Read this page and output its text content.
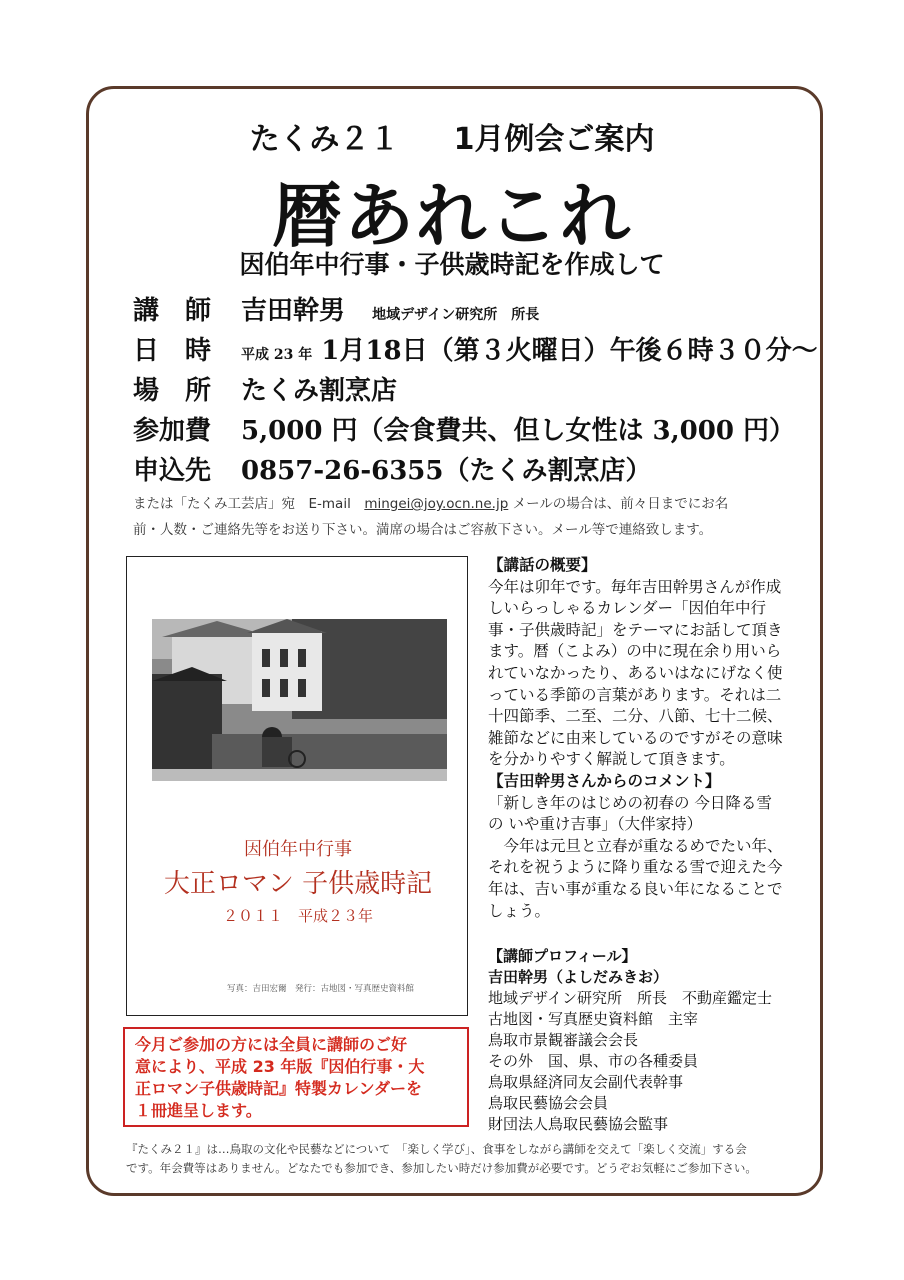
たくみ２１ 1月例会ご案内
暦あれこれ
因伯年中行事・子供歳時記を作成して
講　師 吉田幹男 地域デザイン研究所　所長
日　時 平成 23 年 1月18日（第３火曜日）午後６時３０分～
場　所 たくみ割烹店
参加費 5,000 円（会食費共、但し女性は 3,000 円）
申込先 0857-26-6355（たくみ割烹店）
または「たくみ工芸店」宛　E-mail　mingei@joy.ocn.ne.jp メールの場合は、前々日までにお名
前・人数・ご連絡先等をお送り下さい。満席の場合はご容赦下さい。メール等で連絡致します。
因伯年中行事
大正ロマン 子供歳時記
２０１１　平成２３年
写真：吉田宏爾　発行：古地図・写真歴史資料館
今月ご参加の方には全員に講師のご好
意により、平成 23 年版『因伯行事・大
正ロマン子供歳時記』特製カレンダーを
１冊進呈します。
【講話の概要】
今年は卯年です。毎年吉田幹男さんが作成
しいらっしゃるカレンダー「因伯年中行
事・子供歳時記」をテーマにお話して頂き
ます。暦（こよみ）の中に現在余り用いら
れていなかったり、あるいはなにげなく使
っている季節の言葉があります。それは二
十四節季、二至、二分、八節、七十二候、
雑節などに由来しているのですがその意味
を分かりやすく解説して頂きます。
【吉田幹男さんからのコメント】
「新しき年のはじめの初春の 今日降る雪
の いや重け吉事」（大伴家持）
　今年は元旦と立春が重なるめでたい年、
それを祝うように降り重なる雪で迎えた今
年は、吉い事が重なる良い年になることで
しょう。
【講師プロフィール】
吉田幹男（よしだみきお）
地域デザイン研究所　所長　不動産鑑定士
古地図・写真歴史資料館　主宰
鳥取市景観審議会会長
その外　国、県、市の各種委員
鳥取県経済同友会副代表幹事
鳥取民藝協会会員
財団法人鳥取民藝協会監事
『たくみ２１』は…鳥取の文化や民藝などについて　「楽しく学び」、食事をしながら講師を交えて「楽しく交流」する会
です。年会費等はありません。どなたでも参加でき、参加したい時だけ参加費が必要です。どうぞお気軽にご参加下さい。
